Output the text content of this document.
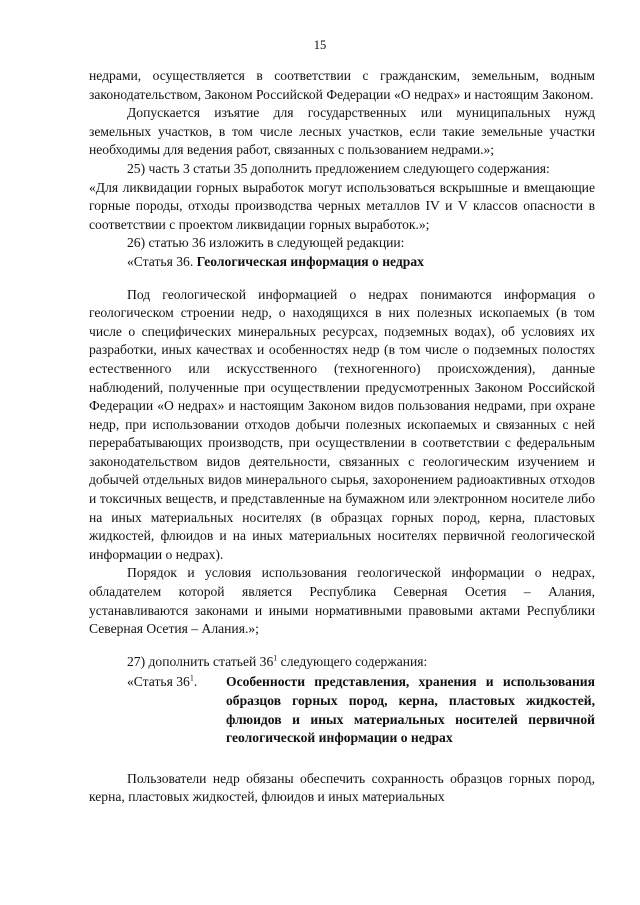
15

недрами, осуществляется в соответствии с гражданским, земельным, водным законодательством, Законом Российской Федерации «О недрах» и настоящим Законом.

Допускается изъятие для государственных или муниципальных нужд земельных участков, в том числе лесных участков, если такие земельные участки необходимы для ведения работ, связанных с пользованием недрами.»;

25) часть 3 статьи 35 дополнить предложением следующего содержания:

«Для ликвидации горных выработок могут использоваться вскрышные и вмещающие горные породы, отходы производства черных металлов IV и V классов опасности в соответствии с проектом ликвидации горных выработок.»;

26) статью 36 изложить в следующей редакции:

«Статья 36. Геологическая информация о недрах

Под геологической информацией о недрах понимаются информация о геологическом строении недр, о находящихся в них полезных ископаемых (в том числе о специфических минеральных ресурсах, подземных водах), об условиях их разработки, иных качествах и особенностях недр (в том числе о подземных полостях естественного или искусственного (техногенного) происхождения), данные наблюдений, полученные при осуществлении предусмотренных Законом Российской Федерации «О недрах» и настоящим Законом видов пользования недрами, при охране недр, при использовании отходов добычи полезных ископаемых и связанных с ней перерабатывающих производств, при осуществлении в соответствии с федеральным законодательством видов деятельности, связанных с геологическим изучением и добычей отдельных видов минерального сырья, захоронением радиоактивных отходов и токсичных веществ, и представленные на бумажном или электронном носителе либо на иных материальных носителях (в образцах горных пород, керна, пластовых жидкостей, флюидов и на иных материальных носителях первичной геологической информации о недрах).

Порядок и условия использования геологической информации о недрах, обладателем которой является Республика Северная Осетия – Алания, устанавливаются законами и иными нормативными правовыми актами Республики Северная Осетия – Алания.»;

27) дополнить статьей $36^1$ следующего содержания:

«Статья $36^1$.	Особенности представления, хранения и использования образцов горных пород, керна, пластовых жидкостей, флюидов и иных материальных носителей первичной геологической информации о недрах

Пользователи недр обязаны обеспечить сохранность образцов горных пород, керна, пластовых жидкостей, флюидов и иных материальных
